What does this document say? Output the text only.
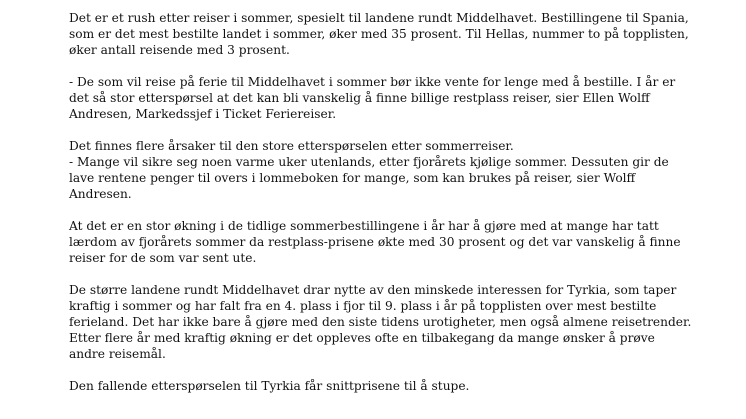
Det er et rush etter reiser i sommer, spesielt til landene rundt Middelhavet. Bestillingene til Spania,
som er det mest bestilte landet i sommer, øker med 35 prosent. Til Hellas, nummer to på topplisten,
øker antall reisende med 3 prosent.

- De som vil reise på ferie til Middelhavet i sommer bør ikke vente for lenge med å bestille. I år er
det så stor etterspørsel at det kan bli vanskelig å finne billige restplass reiser, sier Ellen Wolff
Andresen, Markedssjef i Ticket Feriereiser.

Det finnes flere årsaker til den store etterspørselen etter sommerreiser.
- Mange vil sikre seg noen varme uker utenlands, etter fjorårets kjølige sommer. Dessuten gir de
lave rentene penger til overs i lommeboken for mange, som kan brukes på reiser, sier Wolff
Andresen.

At det er en stor økning i de tidlige sommerbestillingene i år har å gjøre med at mange har tatt
lærdom av fjorårets sommer da restplass-prisene økte med 30 prosent og det var vanskelig å finne
reiser for de som var sent ute.

De større landene rundt Middelhavet drar nytte av den minskede interessen for Tyrkia, som taper
kraftig i sommer og har falt fra en 4. plass i fjor til 9. plass i år på topplisten over mest bestilte
ferieland. Det har ikke bare å gjøre med den siste tidens urotigheter, men også almene reisetrender.
Etter flere år med kraftig økning er det oppleves ofte en tilbakegang da mange ønsker å prøve
andre reisemål.

Den fallende etterspørselen til Tyrkia får snittprisene til å stupe.
